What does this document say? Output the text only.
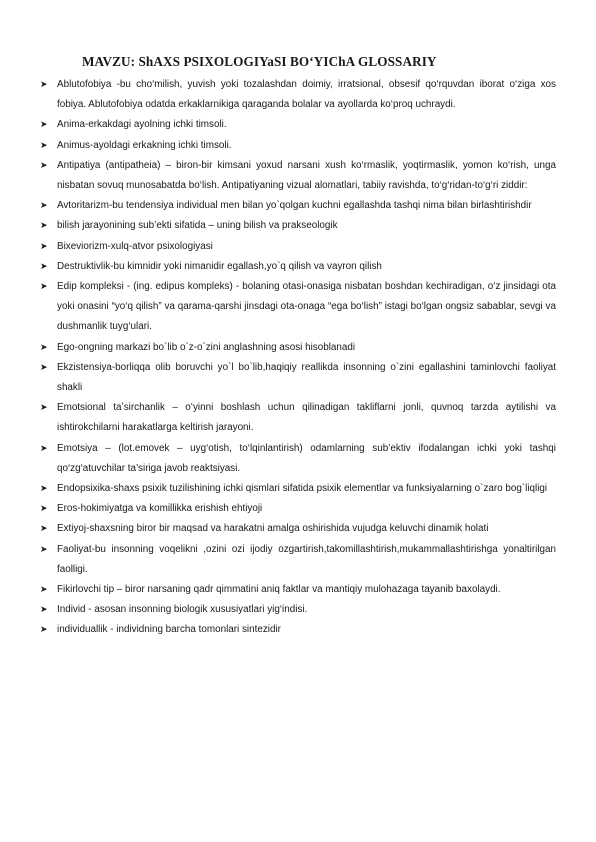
MAVZU: ShAXS PSIXOLOGIYaSI BO‘YIChA GLOSSARIY
➤ Ablutofobiya -bu cho‘milish, yuvish yoki tozalashdan doimiy, irratsional, obsesif qo‘rquvdan iborat o‘ziga xos fobiya. Ablutofobiya odatda erkaklarnikiga qaraganda bolalar va ayollarda ko‘proq uchraydi.
➤ Anima-erkakdagi ayolning ichki timsoli.
➤ Animus-ayoldagi erkakning ichki timsoli.
➤ Antipatiya (antipatheia) – biron-bir kimsani yoxud narsani xush ko‘rmaslik, yoqtirmaslik, yomon ko‘rish, unga nisbatan sovuq munosabatda bo‘lish. Antipatiyaning vizual alomatlari, tabiiy ravishda, to‘g‘ridan-to‘g‘ri ziddir:
➤ Avtoritarizm-bu tendensiya individual men bilan yo`qolgan kuchni egallashda tashqi nima bilan birlashtirishdir
➤ bilish jarayonining sub’ekti sifatida – uning bilish va prakseologik
➤ Bixeviorizm-xulq-atvor psixologiyasi
➤ Destruktivlik-bu kimnidir yoki nimanidir egallash,yo`q qilish va vayron qilish
➤ Edip kompleksi - (ing. edipus kompleks) - bolaning otasi-onasiga nisbatan boshdan kechiradigan, o‘z jinsidagi ota yoki onasini “yo‘q qilish” va qarama-qarshi jinsdagi ota-onaga “ega bo‘lish” istagi bo‘lgan ongsiz sabablar, sevgi va dushmanlik tuyg‘ulari.
➤ Ego-ongning markazi bo`lib o`z-o`zini anglashning asosi hisoblanadi
➤ Ekzistensiya-borliqqa olib boruvchi yo`l bo`lib,haqiqiy reallikda insonning o`zini egallashini taminlovchi faoliyat shakli
➤ Emotsional taʼsirchanlik – oʻyinni boshlash uchun qilinadigan takliflarni jonli, quvnoq tarzda aytilishi va ishtirokchilarni harakatlarga keltirish jarayoni.
➤ Emotsiya – (lot.emovek – uyg‘otish, to‘lqinlantirish) odamlarning sub’ektiv ifodalangan ichki yoki tashqi qo‘zg‘atuvchilar ta’siriga javob reaktsiyasi.
➤ Endopsixika-shaxs psixik tuzilishining ichki qismlari sifatida psixik elementlar va funksiyalarning o`zaro bog`liqligi
➤ Eros-hokimiyatga va komillikka erishish ehtiyoji
➤ Extiyoj-shaxsning biror bir maqsad va harakatni amalga oshirishida vujudga keluvchi dinamik holati
➤ Faoliyat-bu insonning voqelikni ,ozini ozi ijodiy ozgartirish,takomillashtirish,mukammallashtirishga yonaltirilgan faolligi.
➤ Fikirlovchi tip – biror narsaning qadr qimmatini aniq faktlar va mantiqiy mulohazaga tayanib baxolaydi.
➤ Individ - asosan insonning biologik xususiyatlari yig‘indisi.
➤ individuallik - individning barcha tomonlari sintezidir
